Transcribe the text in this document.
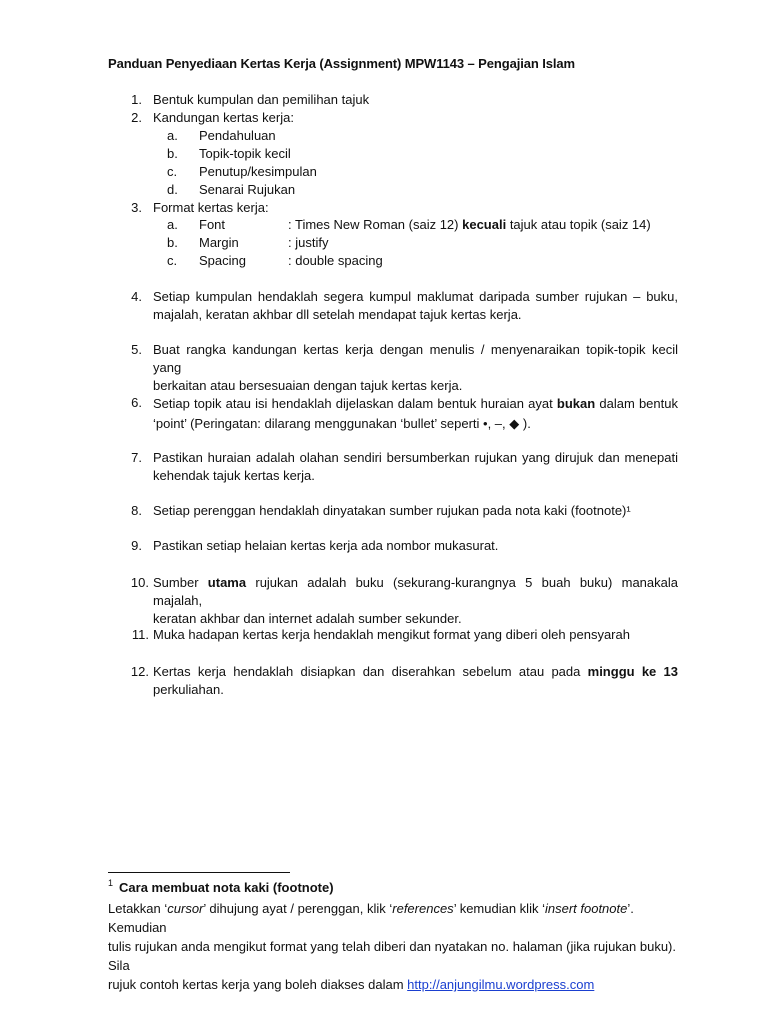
Panduan Penyediaan Kertas Kerja (Assignment) MPW1143 – Pengajian Islam
1. Bentuk kumpulan dan pemilihan tajuk
2. Kandungan kertas kerja:
a.	Pendahuluan
b.	Topik-topik kecil
c.	Penutup/kesimpulan
d.	Senarai Rujukan
3. Format kertas kerja:
a.	Font	: Times New Roman (saiz 12) kecuali tajuk atau topik (saiz 14)
b.	Margin	: justify
c.	Spacing	: double spacing
4. Setiap kumpulan hendaklah segera kumpul maklumat daripada sumber rujukan – buku,
majalah, keratan akhbar dll setelah mendapat tajuk kertas kerja.
5. Buat rangka kandungan kertas kerja dengan menulis / menyenaraikan topik-topik kecil yang
berkaitan atau bersesuaian dengan tajuk kertas kerja.
6. Setiap topik atau isi hendaklah dijelaskan dalam bentuk huraian ayat bukan dalam bentuk
‘point’ (Peringatan: dilarang menggunakan ‘bullet’ seperti •, –, ◆ ).
7. Pastikan huraian adalah olahan sendiri bersumberkan rujukan yang dirujuk dan menepati
kehendak tajuk kertas kerja.
8. Setiap perenggan hendaklah dinyatakan sumber rujukan pada nota kaki (footnote)¹
9. Pastikan setiap helaian kertas kerja ada nombor mukasurat.
10. Sumber utama rujukan adalah buku (sekurang-kurangnya 5 buah buku) manakala majalah,
keratan akhbar dan internet adalah sumber sekunder.
11. Muka hadapan kertas kerja hendaklah mengikut format yang diberi oleh pensyarah
12. Kertas kerja hendaklah disiapkan dan diserahkan sebelum atau pada minggu ke 13
perkuliahan.
$^1$ Cara membuat nota kaki (footnote)
Letakkan ‘cursor’ dihujung ayat / perenggan, klik ‘references’ kemudian klik ‘insert footnote’. Kemudian
tulis rujukan anda mengikut format yang telah diberi dan nyatakan no. halaman (jika rujukan buku). Sila
rujuk contoh kertas kerja yang boleh diakses dalam http://anjungilmu.wordpress.com
